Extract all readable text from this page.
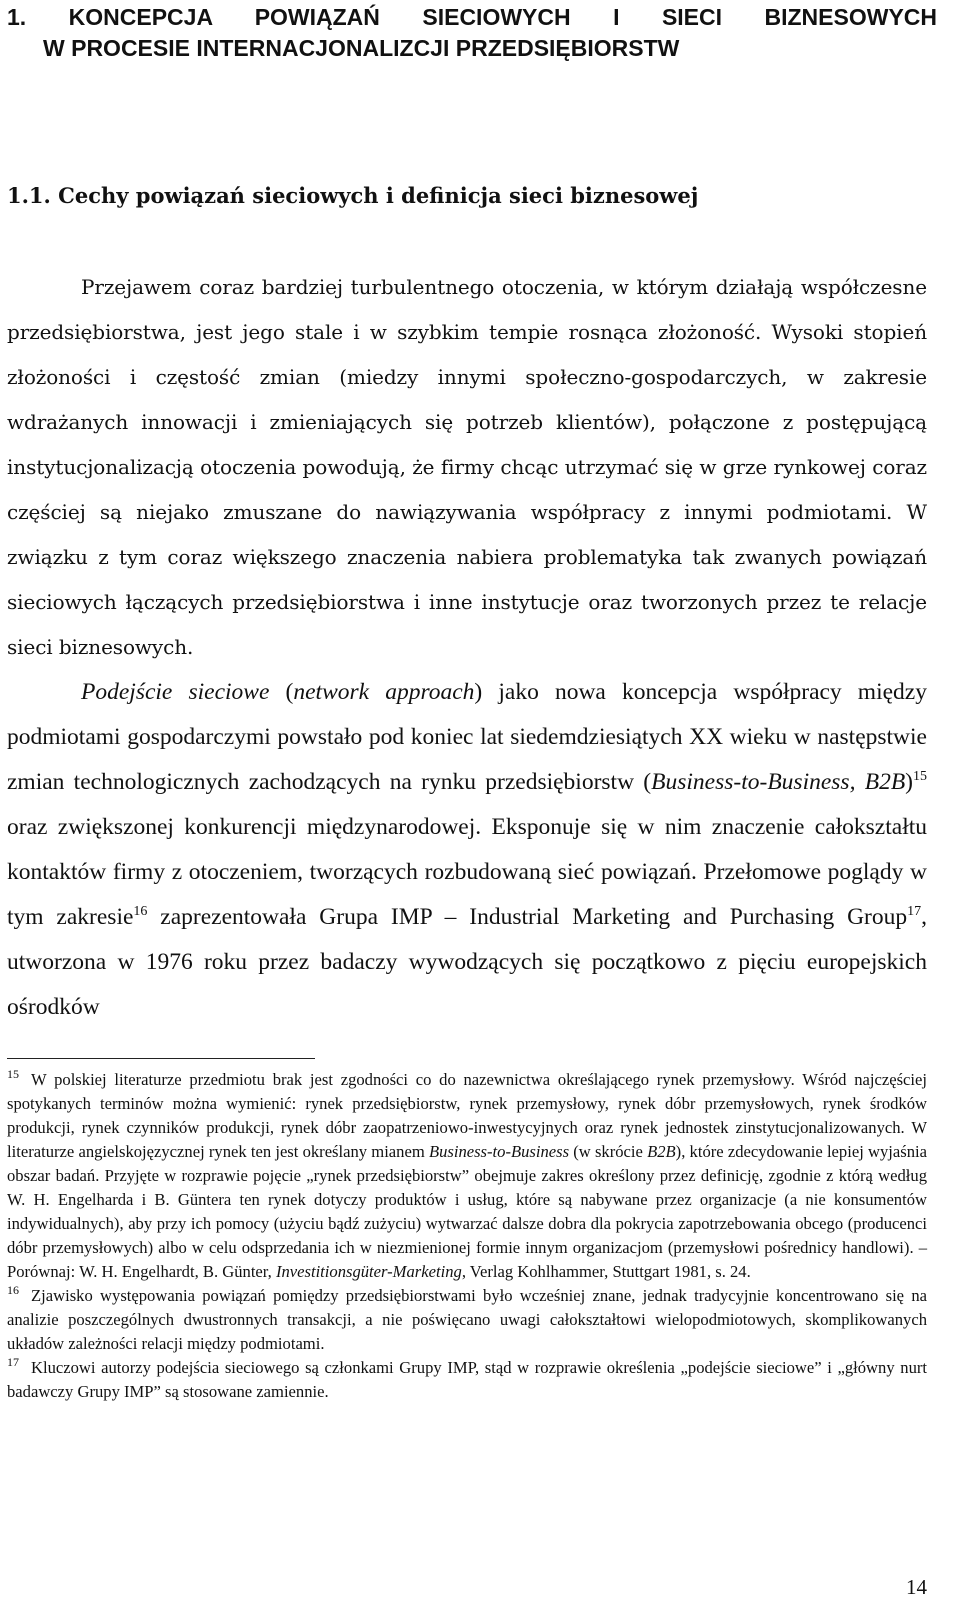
1. KONCEPCJA POWIĄZAŃ SIECIOWYCH I SIECI BIZNESOWYCH
W PROCESIE INTERNACJONALIZCJI PRZEDSIĘBIORSTW
1.1. Cechy powiązań sieciowych i definicja sieci biznesowej

Przejawem coraz bardziej turbulentnego otoczenia, w którym działają współczesne przedsiębiorstwa, jest jego stale i w szybkim tempie rosnąca złożoność. Wysoki stopień złożoności i częstość zmian (miedzy innymi społeczno-gospodarczych, w zakresie wdrażanych innowacji i zmieniających się potrzeb klientów), połączone z postępującą instytucjonalizacją otoczenia powodują, że firmy chcąc utrzymać się w grze rynkowej coraz częściej są niejako zmuszane do nawiązywania współpracy z innymi podmiotami. W związku z tym coraz większego znaczenia nabiera problematyka tak zwanych powiązań sieciowych łączących przedsiębiorstwa i inne instytucje oraz tworzonych przez te relacje sieci biznesowych.

Podejście sieciowe (network approach) jako nowa koncepcja współpracy między podmiotami gospodarczymi powstało pod koniec lat siedemdziesiątych XX wieku w następstwie zmian technologicznych zachodzących na rynku przedsiębiorstw (Business-to-Business, B2B)$^{15}$ oraz zwiększonej konkurencji międzynarodowej. Eksponuje się w nim znaczenie całokształtu kontaktów firmy z otoczeniem, tworzących rozbudowaną sieć powiązań. Przełomowe poglądy w tym zakresie$^{16}$ zaprezentowała Grupa IMP – Industrial Marketing and Purchasing Group$^{17}$, utworzona w 1976 roku przez badaczy wywodzących się początkowo z pięciu europejskich ośrodków

$^{15}$ W polskiej literaturze przedmiotu brak jest zgodności co do nazewnictwa określającego rynek przemysłowy. Wśród najczęściej spotykanych terminów można wymienić: rynek przedsiębiorstw, rynek przemysłowy, rynek dóbr przemysłowych, rynek środków produkcji, rynek czynników produkcji, rynek dóbr zaopatrzeniowo-inwestycyjnych oraz rynek jednostek zinstytucjonalizowanych. W literaturze angielskojęzycznej rynek ten jest określany mianem Business-to-Business (w skrócie B2B), które zdecydowanie lepiej wyjaśnia obszar badań. Przyjęte w rozprawie pojęcie „rynek przedsiębiorstw” obejmuje zakres określony przez definicję, zgodnie z którą według W. H. Engelharda i B. Güntera ten rynek dotyczy produktów i usług, które są nabywane przez organizacje (a nie konsumentów indywidualnych), aby przy ich pomocy (użyciu bądź zużyciu) wytwarzać dalsze dobra dla pokrycia zapotrzebowania obcego (producenci dóbr przemysłowych) albo w celu odsprzedania ich w niezmienionej formie innym organizacjom (przemysłowi pośrednicy handlowi). – Porównaj: W. H. Engelhardt, B. Günter, Investitionsgüter-Marketing, Verlag Kohlhammer, Stuttgart 1981, s. 24.

$^{16}$ Zjawisko występowania powiązań pomiędzy przedsiębiorstwami było wcześniej znane, jednak tradycyjnie koncentrowano się na analizie poszczególnych dwustronnych transakcji, a nie poświęcano uwagi całokształtowi wielopodmiotowych, skomplikowanych układów zależności relacji między podmiotami.

$^{17}$ Kluczowi autorzy podejścia sieciowego są członkami Grupy IMP, stąd w rozprawie określenia „podejście sieciowe” i „główny nurt badawczy Grupy IMP” są stosowane zamiennie.

14
